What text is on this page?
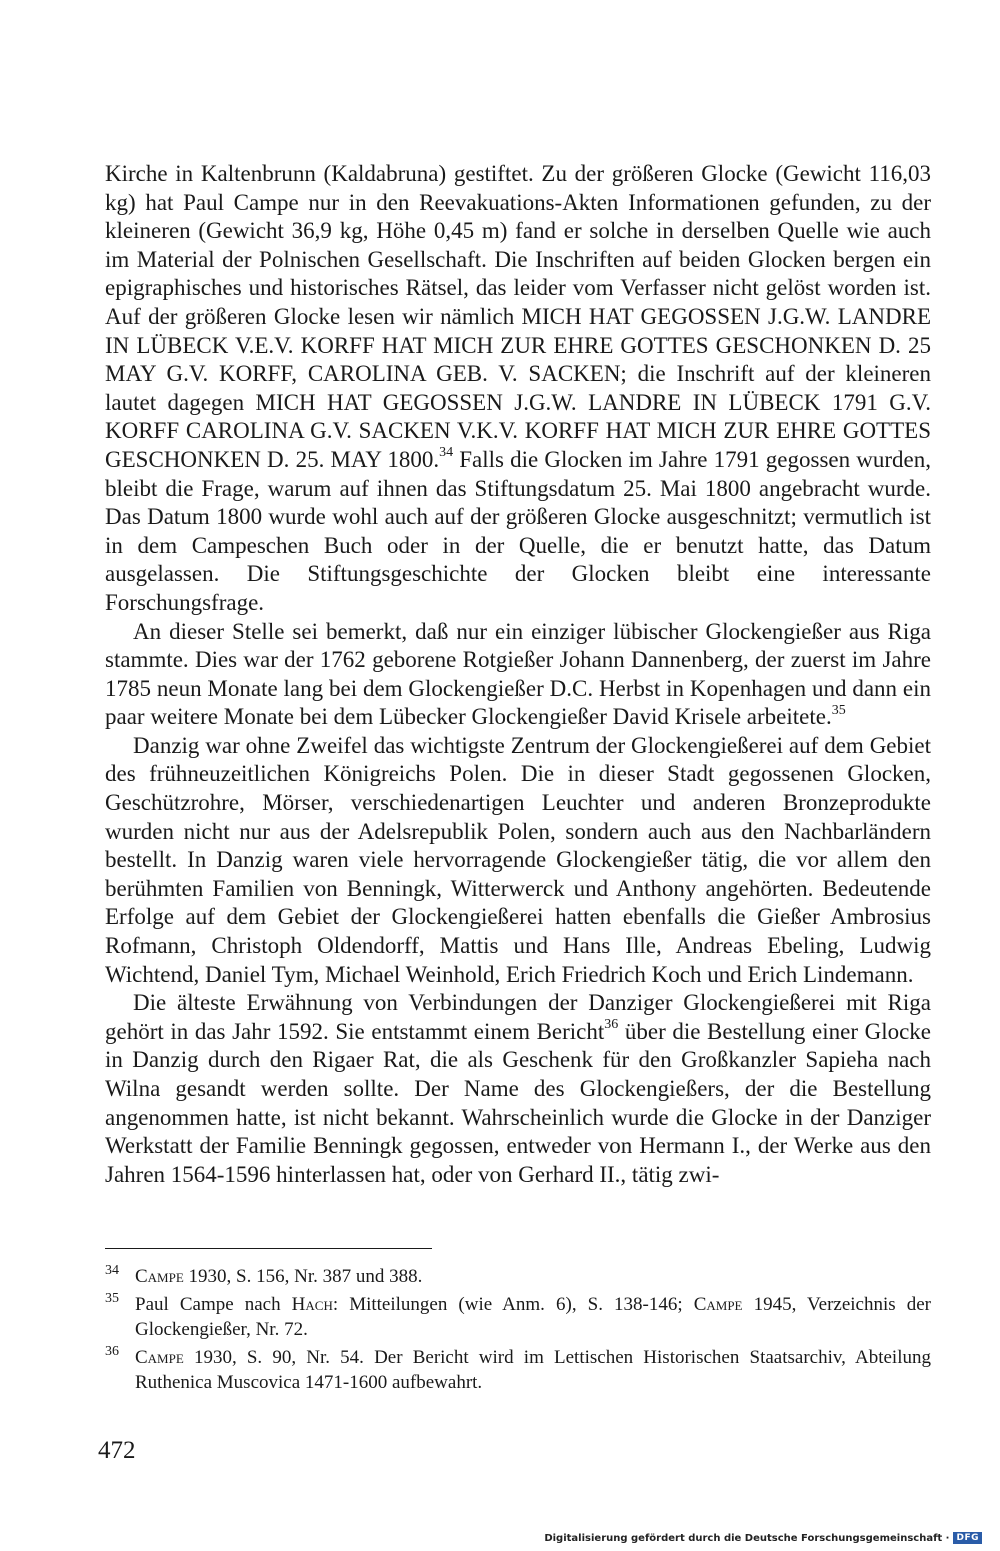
Kirche in Kaltenbrunn (Kaldabruna) gestiftet. Zu der größeren Glocke (Gewicht 116,03 kg) hat Paul Campe nur in den Reevakuations-Akten Informationen gefunden, zu der kleineren (Gewicht 36,9 kg, Höhe 0,45 m) fand er solche in derselben Quelle wie auch im Material der Polnischen Gesellschaft. Die Inschriften auf beiden Glocken bergen ein epigraphisches und historisches Rätsel, das leider vom Verfasser nicht gelöst worden ist. Auf der größeren Glocke lesen wir nämlich MICH HAT GEGOSSEN J.G.W. LANDRE IN LÜBECK V.E.V. KORFF HAT MICH ZUR EHRE GOTTES GESCHONKEN D. 25 MAY G.V. KORFF, CAROLINA GEB. V. SACKEN; die Inschrift auf der kleineren lautet dagegen MICH HAT GEGOSSEN J.G.W. LANDRE IN LÜBECK 1791 G.V. KORFF CAROLINA G.V. SACKEN V.K.V. KORFF HAT MICH ZUR EHRE GOTTES GESCHONKEN D. 25. MAY 1800.34 Falls die Glocken im Jahre 1791 gegossen wurden, bleibt die Frage, warum auf ihnen das Stiftungsdatum 25. Mai 1800 angebracht wurde. Das Datum 1800 wurde wohl auch auf der größeren Glocke ausgeschnitzt; vermutlich ist in dem Campeschen Buch oder in der Quelle, die er benutzt hatte, das Datum ausgelassen. Die Stiftungsgeschichte der Glocken bleibt eine interessante Forschungsfrage.

An dieser Stelle sei bemerkt, daß nur ein einziger lübischer Glockengießer aus Riga stammte. Dies war der 1762 geborene Rotgießer Johann Dannenberg, der zuerst im Jahre 1785 neun Monate lang bei dem Glockengießer D.C. Herbst in Kopenhagen und dann ein paar weitere Monate bei dem Lübecker Glockengießer David Krisele arbeitete.$^{35}$

Danzig war ohne Zweifel das wichtigste Zentrum der Glockengießerei auf dem Gebiet des frühneuzeitlichen Königreichs Polen. Die in dieser Stadt gegossenen Glocken, Geschützrohre, Mörser, verschiedenartigen Leuchter und anderen Bronzeprodukte wurden nicht nur aus der Adelsrepublik Polen, sondern auch aus den Nachbarländern bestellt. In Danzig waren viele hervorragende Glockengießer tätig, die vor allem den berühmten Familien von Benningk, Witterwerck und Anthony angehörten. Bedeutende Erfolge auf dem Gebiet der Glockengießerei hatten ebenfalls die Gießer Ambrosius Rofmann, Christoph Oldendorff, Mattis und Hans Ille, Andreas Ebeling, Ludwig Wichtend, Daniel Tym, Michael Weinhold, Erich Friedrich Koch und Erich Lindemann.

Die älteste Erwähnung von Verbindungen der Danziger Glockengießerei mit Riga gehört in das Jahr 1592. Sie entstammt einem Bericht$^{36}$ über die Bestellung einer Glocke in Danzig durch den Rigaer Rat, die als Geschenk für den Großkanzler Sapieha nach Wilna gesandt werden sollte. Der Name des Glockengießers, der die Bestellung angenommen hatte, ist nicht bekannt. Wahrscheinlich wurde die Glocke in der Danziger Werkstatt der Familie Benningk gegossen, entweder von Hermann I., der Werke aus den Jahren 1564-1596 hinterlassen hat, oder von Gerhard II., tätig zwi-

34 Campe 1930, S. 156, Nr. 387 und 388.
35 Paul Campe nach Hach: Mitteilungen (wie Anm. 6), S. 138-146; Campe 1945, Verzeichnis der Glockengießer, Nr. 72.
36 Campe 1930, S. 90, Nr. 54. Der Bericht wird im Lettischen Historischen Staatsarchiv, Abteilung Ruthenica Muscovica 1471-1600 aufbewahrt.
472
Digitalisierung gefördert durch die Deutsche Forschungsgemeinschaft · DFG
